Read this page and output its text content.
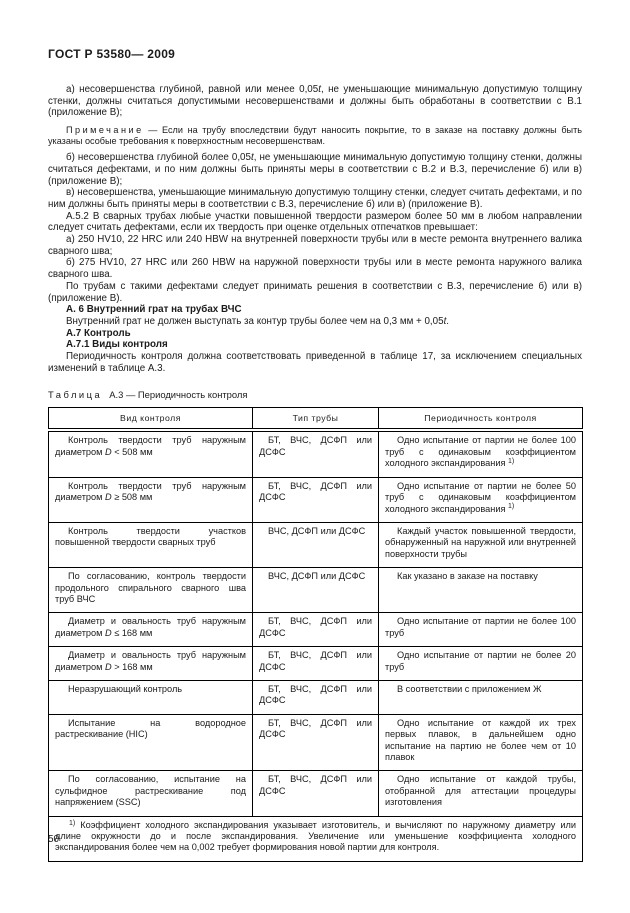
ГОСТ Р 53580— 2009

а) несовершенства глубиной, равной или менее 0,05t, не уменьшающие минимальную допустимую толщину стенки, должны считаться допустимыми несовершенствами и должны быть обработаны в соответствии с В.1 (приложение В);

Примечание — Если на трубу впоследствии будут наносить покрытие, то в заказе на поставку должны быть указаны особые требования к поверхностным несовершенствам.

б) несовершенства глубиной более 0,05t, не уменьшающие минимальную допустимую толщину стенки, должны считаться дефектами, и по ним должны быть приняты меры в соответствии с В.2 и В.3, перечисление б) или в) (приложение В);

в) несовершенства, уменьшающие минимальную допустимую толщину стенки, следует считать дефектами, и по ним должны быть приняты меры в соответствии с В.3, перечисление б) или в) (приложение В).

А.5.2 В сварных трубах любые участки повышенной твердости размером более 50 мм в любом направлении следует считать дефектами, если их твердость при оценке отдельных отпечатков превышает:

а) 250 HV10, 22 HRC или 240 HBW на внутренней поверхности трубы или в месте ремонта внутреннего валика сварного шва;

б) 275 HV10, 27 HRC или 260 HBW на наружной поверхности трубы или в месте ремонта наружного валика сварного шва.

По трубам с такими дефектами следует принимать решения в соответствии с В.3, перечисление б) или в) (приложение В).

А. 6 Внутренний грат на трубах ВЧС

Внутренний грат не должен выступать за контур трубы более чем на 0,3 мм + 0,05t.

А.7 Контроль

А.7.1 Виды контроля

Периодичность контроля должна соответствовать приведенной в таблице 17, за исключением специальных изменений в таблице А.3.

Таблица А.3 — Периодичность контроля

Вид контроля	Тип трубы	Периодичность контроля
Контроль твердости труб наружным диаметром D < 508 мм	БТ, ВЧС, ДСФП или ДСФС	Одно испытание от партии не более 100 труб с одинаковым коэффициентом холодного экспандирования $^{1)}$
Контроль твердости труб наружным диаметром D ≥ 508 мм	БТ, ВЧС, ДСФП или ДСФС	Одно испытание от партии не более 50 труб с одинаковым коэффициентом холодного экспандирования $^{1)}$
Контроль твердости участков повышенной твердости сварных труб	ВЧС, ДСФП или ДСФС	Каждый участок повышенной твердости, обнаруженный на наружной или внутренней поверхности трубы
По согласованию, контроль твердости продольного спирального сварного шва труб ВЧС	ВЧС, ДСФП или ДСФС	Как указано в заказе на поставку
Диаметр и овальность труб наружным диаметром D ≤ 168 мм	БТ, ВЧС, ДСФП или ДСФС	Одно испытание от партии не более 100 труб
Диаметр и овальность труб наружным диаметром D > 168 мм	БТ, ВЧС, ДСФП или ДСФС	Одно испытание от партии не более 20 труб
Неразрушающий контроль	БТ, ВЧС, ДСФП или ДСФС	В соответствии с приложением Ж
Испытание на водородное растрескивание (HIC)	БТ, ВЧС, ДСФП или ДСФС	Одно испытание от каждой их трех первых плавок, в дальнейшем одно испытание на партию не более чем от 10 плавок
По согласованию, испытание на сульфидное растрескивание под напряжением (SSC)	БТ, ВЧС, ДСФП или ДСФС	Одно испытание от каждой трубы, отобранной для аттестации процедуры изготовления
$^{1)}$ Коэффициент холодного экспандирования указывает изготовитель, и вычисляют по наружному диаметру или длине окружности до и после экспандирования. Увеличение или уменьшение коэффициента холодного экспандирования более чем на 0,002 требует формирования новой партии для контроля.		
50
